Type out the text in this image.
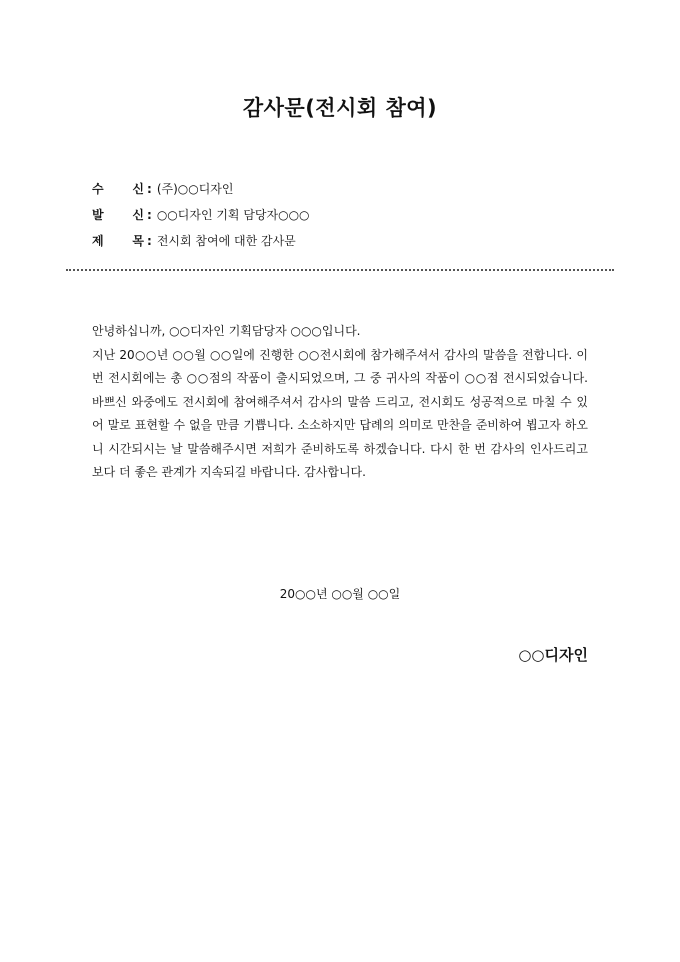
감사문(전시회 참여)
수 신 : (주)○○디자인
발 신 : ○○디자인 기획 담당자○○○
제 목 : 전시회 참여에 대한 감사문

안녕하십니까, ○○디자인 기획담당자 ○○○입니다.

지난 20○○년 ○○월 ○○일에 진행한 ○○전시회에 참가해주셔서 감사의 말씀을 전합니다. 이번 전시회에는 총 ○○점의 작품이 출시되었으며, 그 중 귀사의 작품이 ○○점 전시되었습니다. 바쁘신 와중에도 전시회에 참여해주셔서 감사의 말씀 드리고, 전시회도 성공적으로 마칠 수 있어 말로 표현할 수 없을 만큼 기쁩니다. 소소하지만 답례의 의미로 만찬을 준비하여 뵙고자 하오니 시간되시는 날 말씀해주시면 저희가 준비하도록 하겠습니다. 다시 한 번 감사의 인사드리고 보다 더 좋은 관계가 지속되길 바랍니다. 감사합니다.

20○○년 ○○월 ○○일
○○디자인
